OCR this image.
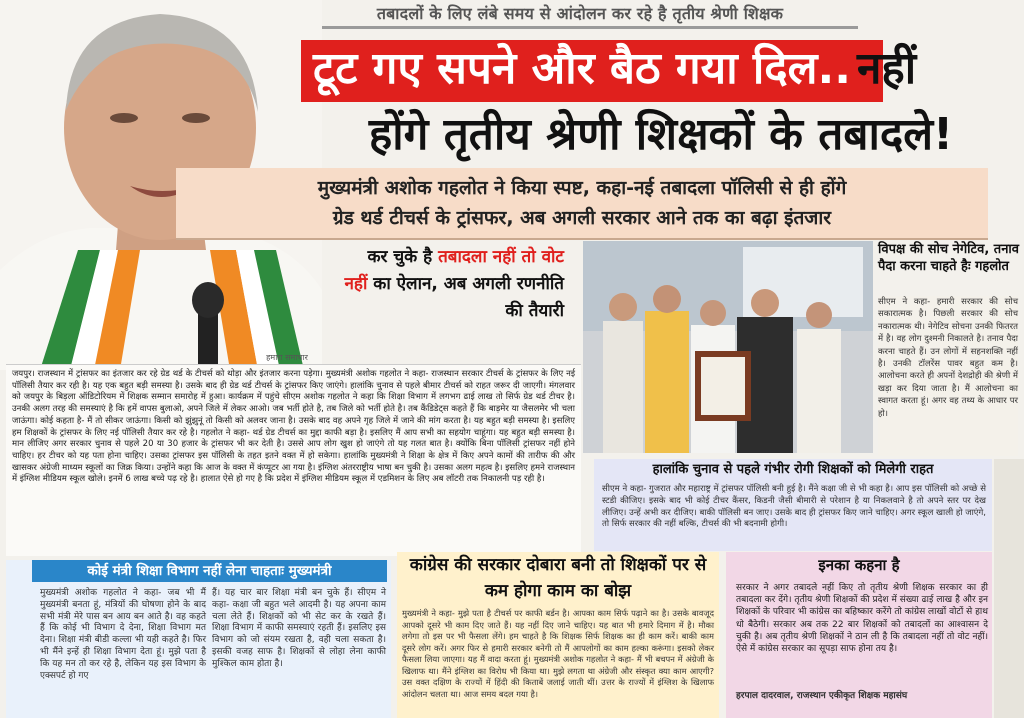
तबादलों के लिए लंबे समय से आंदोलन कर रहे है तृतीय श्रेणी शिक्षक
टूट गए सपने और बैठ गया दिल.. नहीं
होंगे तृतीय श्रेणी शिक्षकों के तबादले!
मुख्यमंत्री अशोक गहलोत ने किया स्पष्ट, कहा-नई तबादला पॉलिसी से ही होंगे
ग्रेड थर्ड टीचर्स के ट्रांसफर, अब अगली सरकार आने तक का बढ़ा इंतजार
कर चुके है तबादला नहीं तो वोट नहीं का ऐलान, अब अगली रणनीति की तैयारी
विपक्ष की सोच नेगेटिव, तनाव पैदा करना चाहते हैः गहलोत
सीएम ने कहा- हमारी सरकार की सोच सकारात्मक है। पिछली सरकार की सोच नकारात्मक थी। नेगेटिव सोचना उनकी फितरत में है। वह लोग दुश्मनी निकालते है। तनाव पैदा करना चाहते हैं। उन लोगों में सहनशक्ति नहीं है। उनकी टॉलरेंस पावर बहुत कम है। आलोचना करते ही अपनों देशद्रोही की श्रेणी में खड़ा कर दिया जाता है। मैं आलोचना का स्वागत करता हूं। अगर वह तथ्य के आधार पर हो।
हमारा समाचार
जयपुर। राजस्थान में ट्रांसफर का इंतजार कर रहे ग्रेड थर्ड के टीचर्स को थोड़ा और इंतजार करना पड़ेगा। मुख्यमंत्री अशोक गहलोत ने कहा- राजस्थान सरकार टीचर्स के ट्रांसफर के लिए नई पॉलिसी तैयार कर रही है। यह एक बहुत बड़ी समस्या है। उसके बाद ही ग्रेड थर्ड टीचर्स के ट्रांसफर किए जाएंगे। हालांकि चुनाव से पहले बीमार टीचर्स को राहत जरूर दी जाएगी। मंगलवार को जयपुर के बिड़ला ऑडिटोरियम में शिक्षक सम्मान समारोह में हुआ। कार्यक्रम में पहुंचे सीएम अशोक गहलोत ने कहा कि शिक्षा विभाग में लगभग ढाई लाख तो सिर्फ ग्रेड थर्ड टीचर है। उनकी अलग तरह की समस्याएं है कि हमें वापस बुलाओ, अपने जिले में लेकर आओ। जब भर्ती होते है, तब जिले को भर्ती होते है। तब कैंडिडेट्स कहते हैं कि बाड़मेर या जैसलमेर भी चला जाऊंगा। कोई कहता है- मैं तो सीकर जाऊंगा। किसी को झुंझुनूं तो किसी को अलवर जाना है। उसके बाद वह अपने गृह जिले में जाने की मांग करता है। यह बहुत बड़ी समस्या है। इसलिए हम शिक्षकों के ट्रांसफर के लिए नई पॉलिसी तैयार कर रहे है। गहलोत ने कहा- थर्ड ग्रेड टीचर्स का मुद्दा काफी बड़ा है। इसलिए मैं आप सभी का सहयोग चाहूंगा। यह बहुत बड़ी समस्या है। मान लीजिए अगर सरकार चुनाव से पहले 20 या 30 हजार के ट्रांसफर भी कर देती है। उससे आप लोग खुश हो जाएंगे तो यह गलत बात है। क्योंकि बिना पॉलिसी ट्रांसफर नहीं होने चाहिए। हर टीचर को यह पता होना चाहिए। उसका ट्रांसफर इस पॉलिसी के तहत इतने वक्त में हो सकेगा। हालांकि मुख्यमंत्री ने शिक्षा के क्षेत्र में किए अपने कामों की तारीफ की और खासकर अंग्रेजी माध्यम स्कूलों का जिक्र किया। उन्होंने कहा कि आज के वक्त में कंप्यूटर आ गया है। इंग्लिश अंतरराष्ट्रीय भाषा बन चुकी है। उसका अलग महत्व है। इसलिए हमने राजस्थान में इंग्लिश मीडियम स्कूल खोले। इनमें 6 लाख बच्चे पढ़ रहे है। हालात ऐसे हो गए है कि प्रदेश में इंग्लिश मीडियम स्कूल में एडमिशन के लिए अब लॉटरी तक निकालनी पड़ रही है।
हालांकि चुनाव से पहले गंभीर रोगी शिक्षकों को मिलेगी राहत
सीएम ने कहा- गुजरात और महाराष्ट्र में ट्रांसफर पॉलिसी बनी हुई है। मैंने कक्षा जी से भी कहा है। आप इस पॉलिसी को अच्छे से स्टडी कीजिए। इसके बाद भी कोई टीचर कैंसर, किडनी जैसी बीमारी से परेशान है या निकलवाने है तो अपने स्तर पर देख लीजिए। उन्हें अभी कर दीजिए। बाकी पॉलिसी बन जाए। उसके बाद ही ट्रांसफर किए जाने चाहिए। अगर स्कूल खाली हो जाएंगे, तो सिर्फ सरकार की नहीं बल्कि, टीचर्स की भी बदनामी होगी।
कोई मंत्री शिक्षा विभाग नहीं लेना चाहताः मुख्यमंत्री
मुख्यमंत्री अशोक गहलोत ने कहा- जब भी मैं मुख्यमंत्री बनता हूं, मंत्रियों की घोषणा होने के बाद सभी मंत्री मेरे पास बन आय बन आते है। वह कहते हैं कि कोई भी विभाग दे देना, शिक्षा विभाग मत देना। शिक्षा मंत्री बीडी कल्ला भी यही कहते है। फिर भी मैंने इन्हें ही शिक्षा विभाग देता हूं। मुझे पता है कि यह मन तो कर रहे है, लेकिन यह इस विभाग के एक्सपर्ट हो गए
हैं। यह चार बार शिक्षा मंत्री बन चुके हैं। सीएम ने कहा- कक्षा जी बहुत भले आदमी है। यह अपना काम चला लेते हैं। शिक्षकों को भी सेट कर के रखते हैं। शिक्षा विभाग में काफी समस्याएं रहती हैं। इसलिए इस विभाग को जो संयम रखता है, वही चला सकता है। इसकी वजह साफ है। शिक्षकों से लोहा लेना काफी मुश्किल काम होता है।
कांग्रेस की सरकार दोबारा बनी तो शिक्षकों पर से कम होगा काम का बोझ
मुख्यमंत्री ने कहा- मुझे पता है टीचर्स पर काफी बर्डन है। आपका काम सिर्फ पढ़ाने का है। उसके बावजूद आपको दूसरे भी काम दिए जाते हैं। यह नहीं दिए जाने चाहिए। यह बात भी हमारे दिमाग में है। मौका लगेगा तो इस पर भी फैसला लेंगे। हम चाहते है कि शिक्षक सिर्फ शिक्षक का ही काम करें। बाकी काम दूसरे लोग करें। अगर फिर से हमारी सरकार बनेगी तो मैं आपलोगों का काम हल्का करूंगा। इसको लेकर फैसला लिया जाएगा। यह मैं वादा करता हूं। मुख्यमंत्री अशोक गहलोत ने कहा- मैं भी बचपन में अंग्रेजी के खिलाफ था। मैंने इंग्लिश का विरोध भी किया था। मुझे लगता था अंग्रेजी और संस्कृत क्या काम आएगी? उस वक्त दक्षिण के राज्यों में हिंदी की किताबें जलाई जाती थीं। उत्तर के राज्यों में इंग्लिश के खिलाफ आंदोलन चलता था। आज समय बदल गया है।
इनका कहना है
सरकार ने अगर तबादले नहीं किए तो तृतीय श्रेणी शिक्षक सरकार का ही तबादला कर देंगे। तृतीय श्रेणी शिक्षकों की प्रदेश में संख्या ढाई लाख है और इन शिक्षकों के परिवार भी कांग्रेस का बहिष्कार करेंगे तो कांग्रेस लाखों वोटों से हाथ धो बैठेगी। सरकार अब तक 22 बार शिक्षकों को तबादलों का आश्वासन दे चुकी है। अब तृतीय श्रेणी शिक्षकों ने ठान ली है कि तबादला नहीं तो वोट नहीं। ऐसे में कांग्रेस सरकार का सूपड़ा साफ होना तय है।
हरपाल दादरवाल, राजस्थान एकीकृत शिक्षक महासंघ
